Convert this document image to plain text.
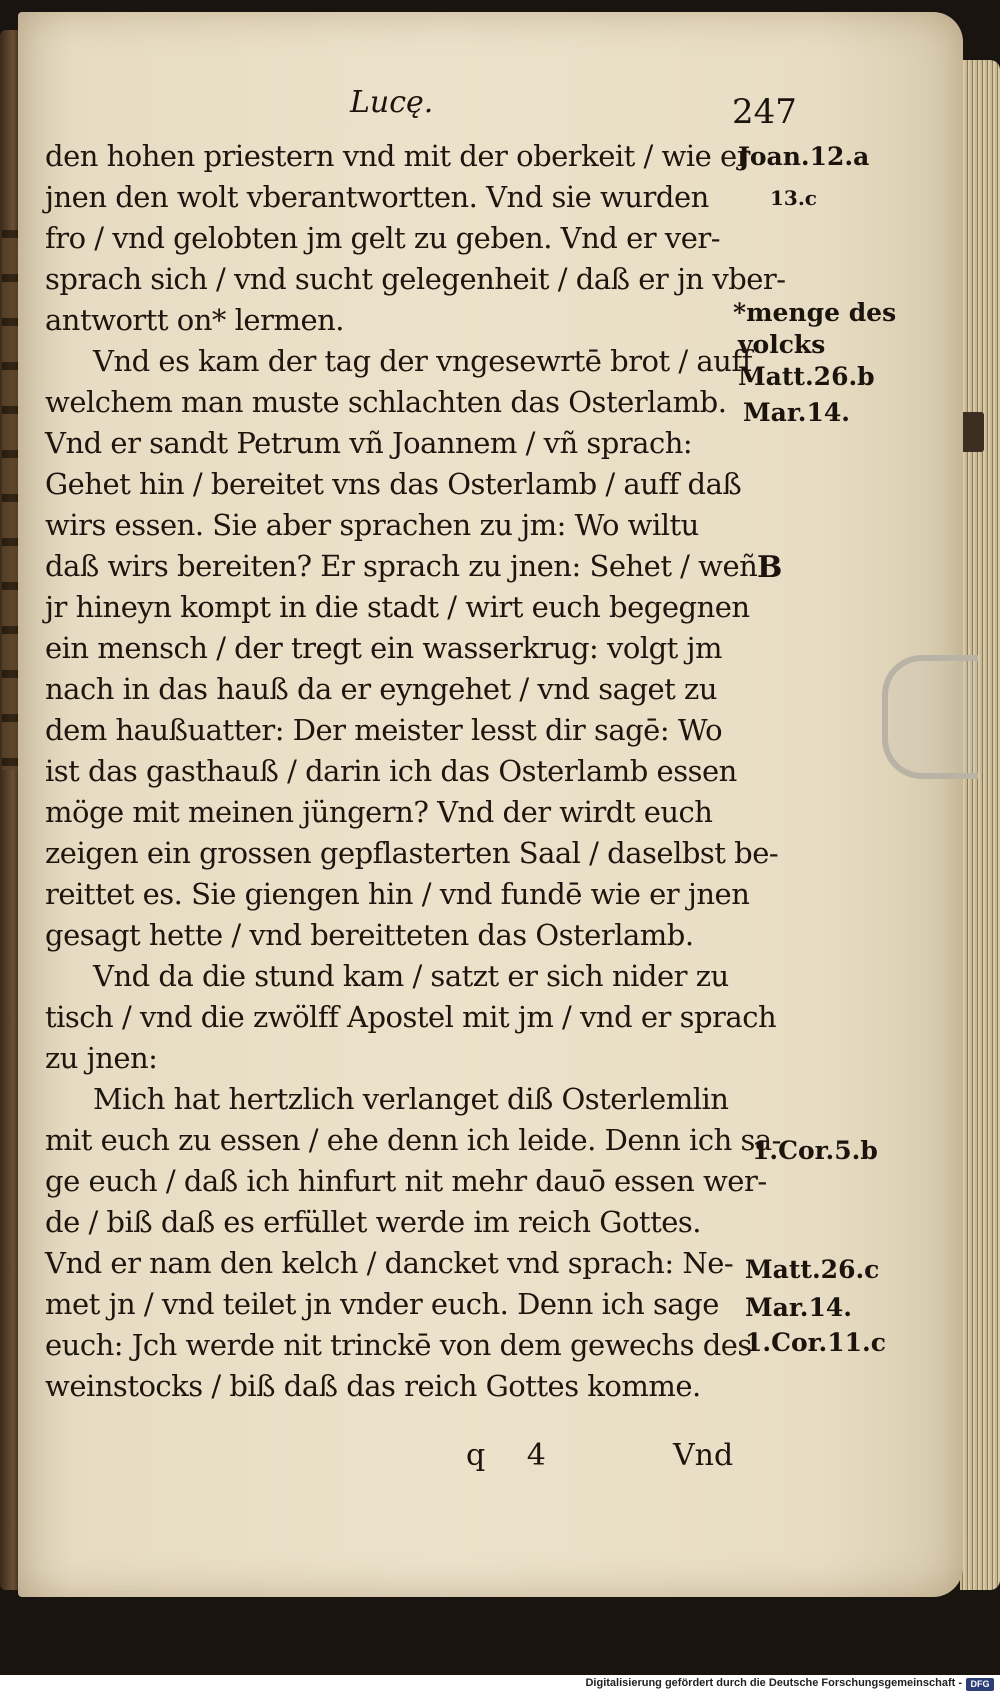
Lucę.	247
den hohen priestern vnd mit der oberkeit / wie er
jnen den wolt vberantwortten. Vnd sie wurden
fro / vnd gelobten jm gelt zu geben. Vnd er ver-
sprach sich / vnd sucht gelegenheit / daß er jn vber-
antwortt on* lermen.
Vnd es kam der tag der vngesewrtē brot / auff
welchem man muste schlachten das Osterlamb.
Vnd er sandt Petrum vñ Joannem / vñ sprach:
Gehet hin / bereitet vns das Osterlamb / auff daß
wirs essen. Sie aber sprachen zu jm: Wo wiltu
daß wirs bereiten? Er sprach zu jnen: Sehet / weñ
jr hineyn kompt in die stadt / wirt euch begegnen
ein mensch / der tregt ein wasserkrug: volgt jm
nach in das hauß da er eyngehet / vnd saget zu
dem haußuatter: Der meister lesst dir sagē: Wo
ist das gasthauß / darin ich das Osterlamb essen
möge mit meinen jüngern? Vnd der wirdt euch
zeigen ein grossen gepflasterten Saal / daselbst be-
reittet es. Sie giengen hin / vnd fundē wie er jnen
gesagt hette / vnd bereitteten das Osterlamb.
Vnd da die stund kam / satzt er sich nider zu
tisch / vnd die zwölff Apostel mit jm / vnd er sprach
zu jnen:
Mich hat hertzlich verlanget diß Osterlemlin
mit euch zu essen / ehe denn ich leide. Denn ich sa-
ge euch / daß ich hinfurt nit mehr dauō essen wer-
de / biß daß es erfüllet werde im reich Gottes.
Vnd er nam den kelch / dancket vnd sprach: Ne-
met jn / vnd teilet jn vnder euch. Denn ich sage
euch: Jch werde nit trinckē von dem gewechs des
weinstocks / biß daß das reich Gottes komme.
Joan.12.a
13.c
*menge des
volcks
Matt.26.b
Mar.14.
B
1.Cor.5.b
Matt.26.c
Mar.14.
1.Cor.11.c
q 4	Vnd
Digitalisierung gefördert durch die Deutsche Forschungsgemeinschaft - DFG
